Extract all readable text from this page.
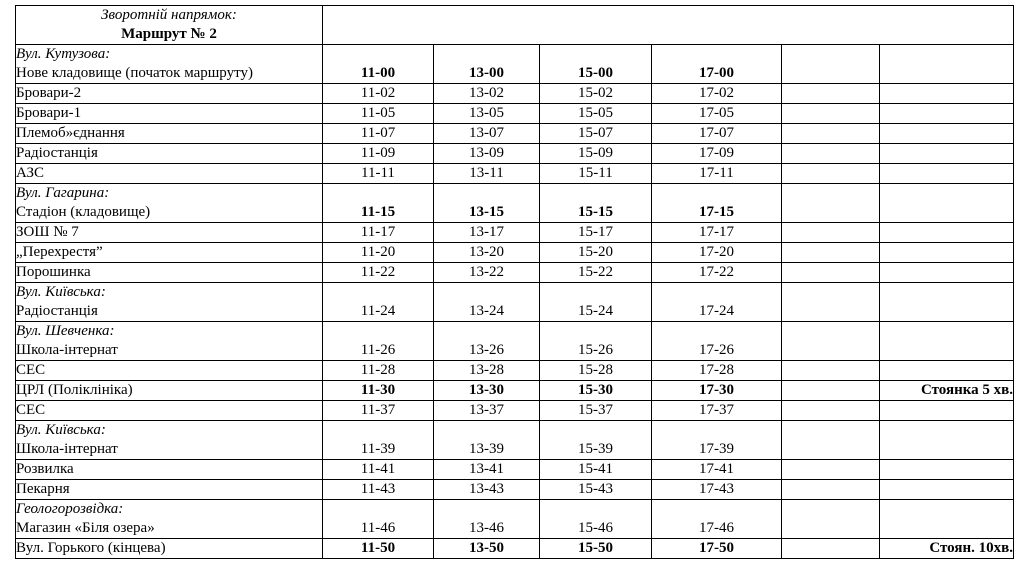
Зворотній напрямок:
Маршрут № 2						

Вул. Кутузова:
Нове кладовище (початок маршруту)	11-00	13-00	15-00	17-00		
Бровари-2	11-02	13-02	15-02	17-02		
Бровари-1	11-05	13-05	15-05	17-05		
Племоб»єднання	11-07	13-07	15-07	17-07		
Радіостанція	11-09	13-09	15-09	17-09		
АЗС	11-11	13-11	15-11	17-11		

Вул. Гагарина:
Стадіон (кладовище)	11-15	13-15	15-15	17-15		
ЗОШ № 7	11-17	13-17	15-17	17-17		
„Перехрестя”	11-20	13-20	15-20	17-20		
Порошинка	11-22	13-22	15-22	17-22		

Вул. Київська:
Радіостанція	11-24	13-24	15-24	17-24		

Вул. Шевченка:
Школа-інтернат	11-26	13-26	15-26	17-26		
СЕС	11-28	13-28	15-28	17-28		
ЦРЛ (Поліклініка)	11-30	13-30	15-30	17-30		Стоянка 5 хв.
СЕС	11-37	13-37	15-37	17-37		

Вул. Київська:
Школа-інтернат	11-39	13-39	15-39	17-39		
Розвилка	11-41	13-41	15-41	17-41		
Пекарня	11-43	13-43	15-43	17-43		

Геологорозвідка:
Магазин «Біля озера»	11-46	13-46	15-46	17-46		
Вул. Горького (кінцева)	11-50	13-50	15-50	17-50		Стоян. 10хв.
